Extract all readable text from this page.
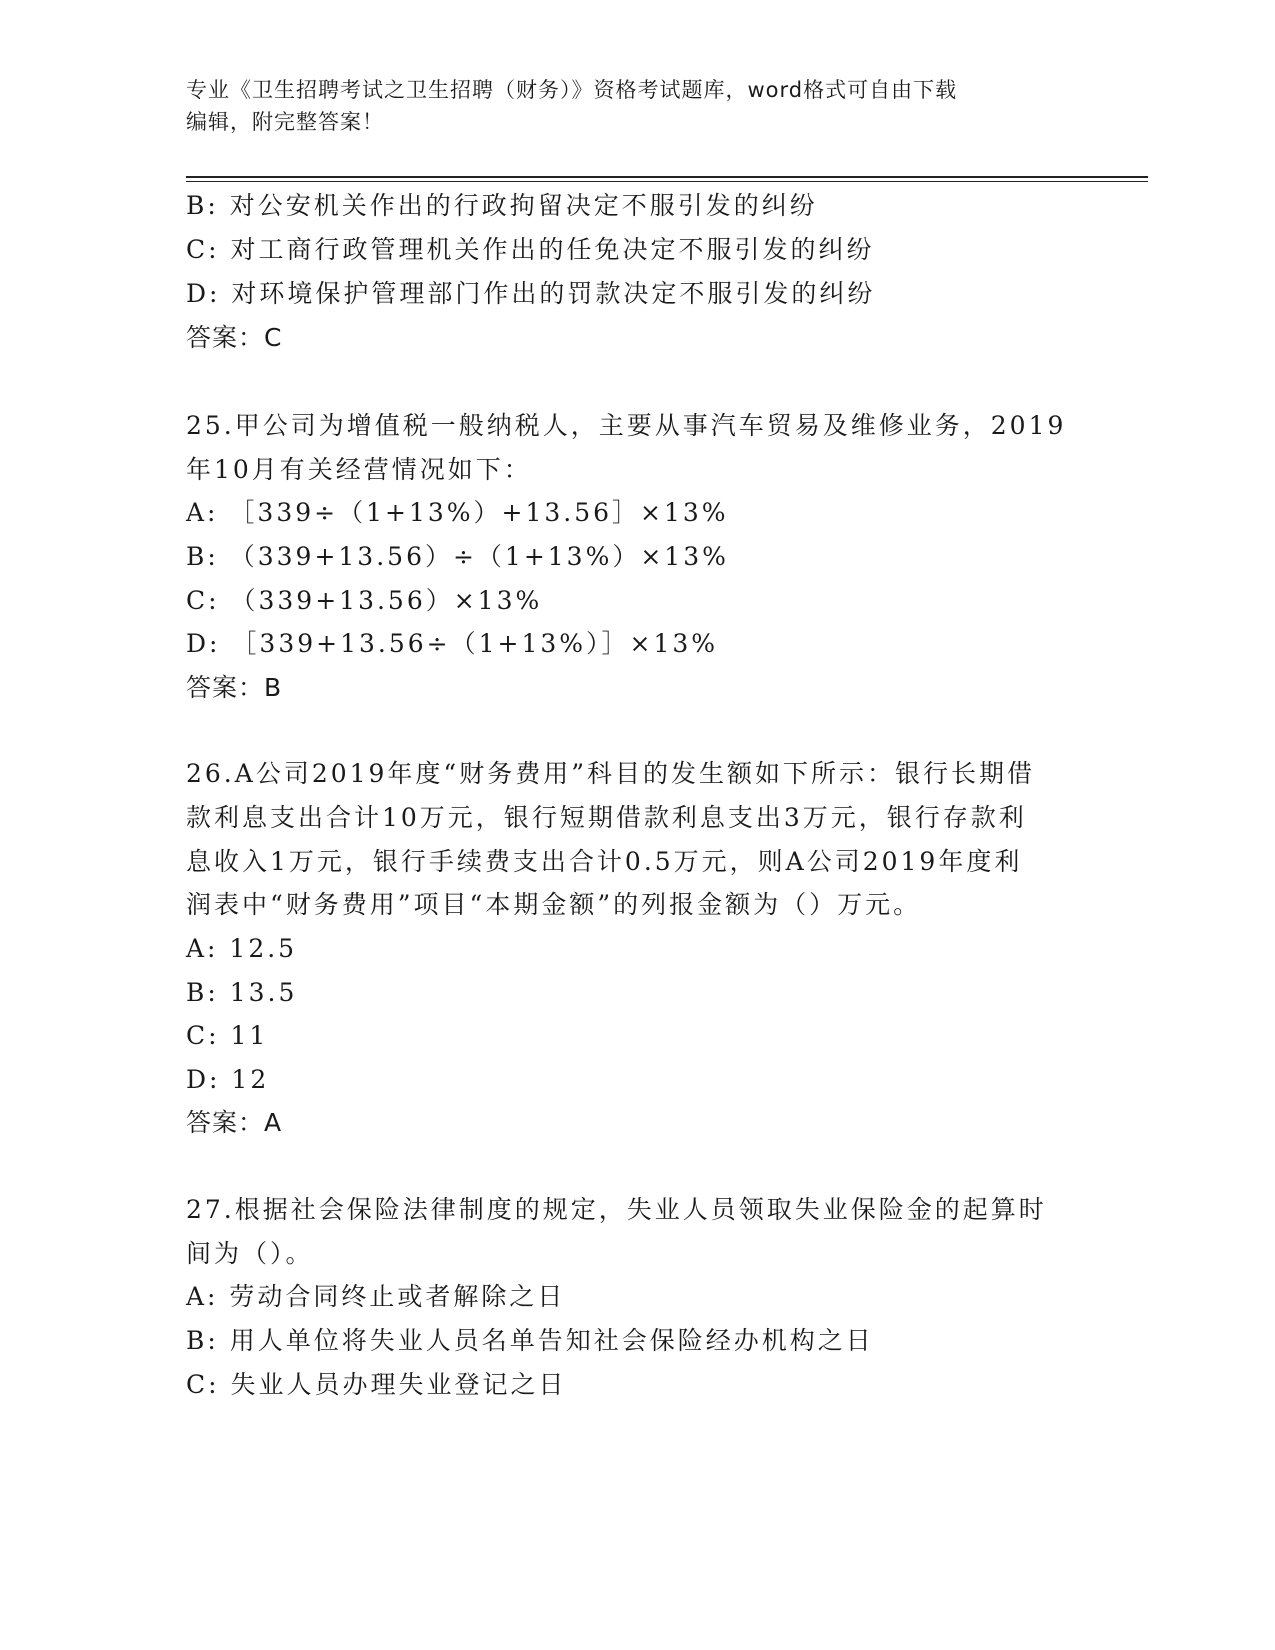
专业《卫生招聘考试之卫生招聘（财务）》资格考试题库，word格式可自由下载
编辑，附完整答案！
B: 对公安机关作出的行政拘留决定不服引发的纠纷
C: 对工商行政管理机关作出的任免决定不服引发的纠纷
D: 对环境保护管理部门作出的罚款决定不服引发的纠纷
答案：C
25.甲公司为增值税一般纳税人，主要从事汽车贸易及维修业务，2019
年10月有关经营情况如下：
A: ［339÷（1+13%）+13.56］×13%
B: （339+13.56）÷（1+13%）×13%
C: （339+13.56）×13%
D: ［339+13.56÷（1+13%）］×13%
答案：B
26.A公司2019年度“财务费用”科目的发生额如下所示：银行长期借
款利息支出合计10万元，银行短期借款利息支出3万元，银行存款利
息收入1万元，银行手续费支出合计0.5万元，则A公司2019年度利
润表中“财务费用”项目“本期金额”的列报金额为（）万元。
A: 12.5
B: 13.5
C: 11
D: 12
答案：A
27.根据社会保险法律制度的规定，失业人员领取失业保险金的起算时
间为（）。
A: 劳动合同终止或者解除之日
B: 用人单位将失业人员名单告知社会保险经办机构之日
C: 失业人员办理失业登记之日
